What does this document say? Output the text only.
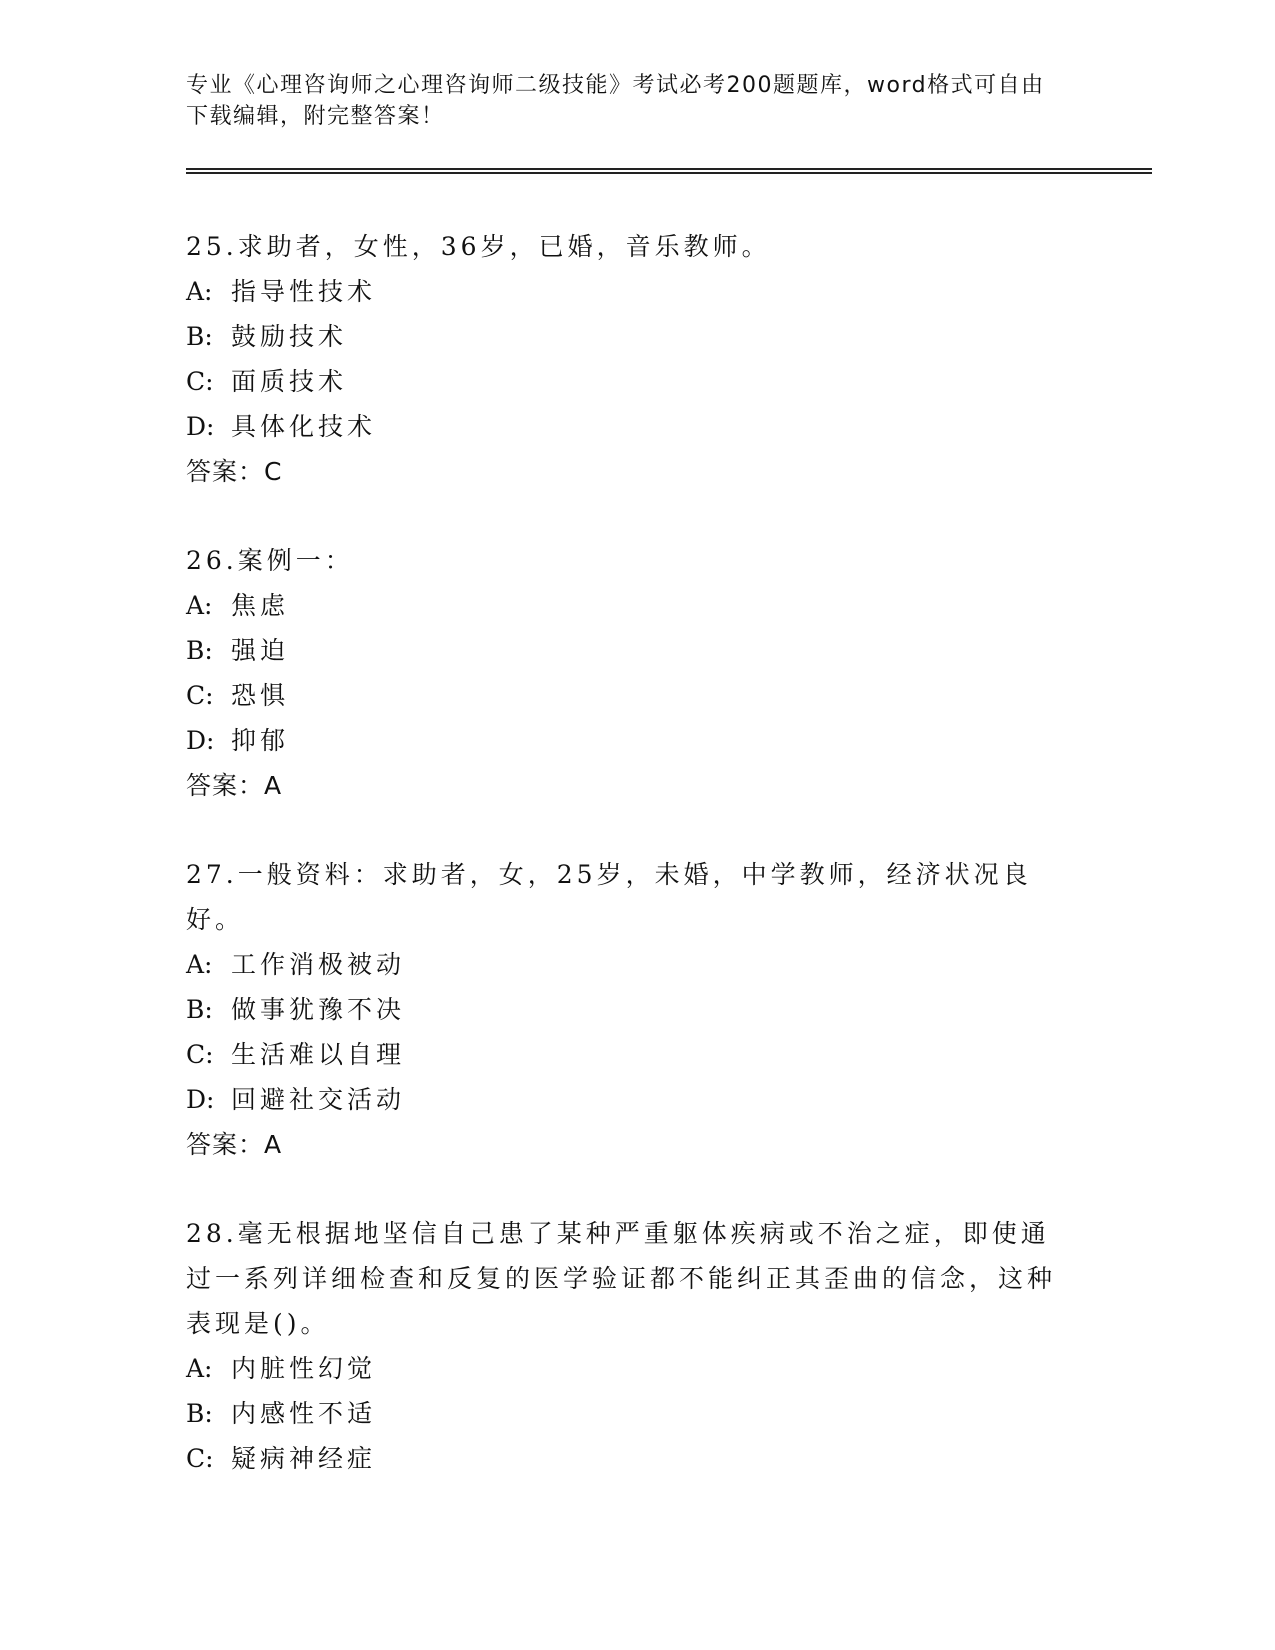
专业《心理咨询师之心理咨询师二级技能》考试必考200题题库，word格式可自由下载编辑，附完整答案！
25.求助者，女性，36岁，已婚，音乐教师。
A: 指导性技术
B: 鼓励技术
C: 面质技术
D: 具体化技术
答案：C
26.案例一：
A: 焦虑
B: 强迫
C: 恐惧
D: 抑郁
答案：A
27.一般资料：求助者，女，25岁，未婚，中学教师，经济状况良好。
A: 工作消极被动
B: 做事犹豫不决
C: 生活难以自理
D: 回避社交活动
答案：A
28.毫无根据地坚信自己患了某种严重躯体疾病或不治之症，即使通过一系列详细检查和反复的医学验证都不能纠正其歪曲的信念，这种表现是()。
A: 内脏性幻觉
B: 内感性不适
C: 疑病神经症
